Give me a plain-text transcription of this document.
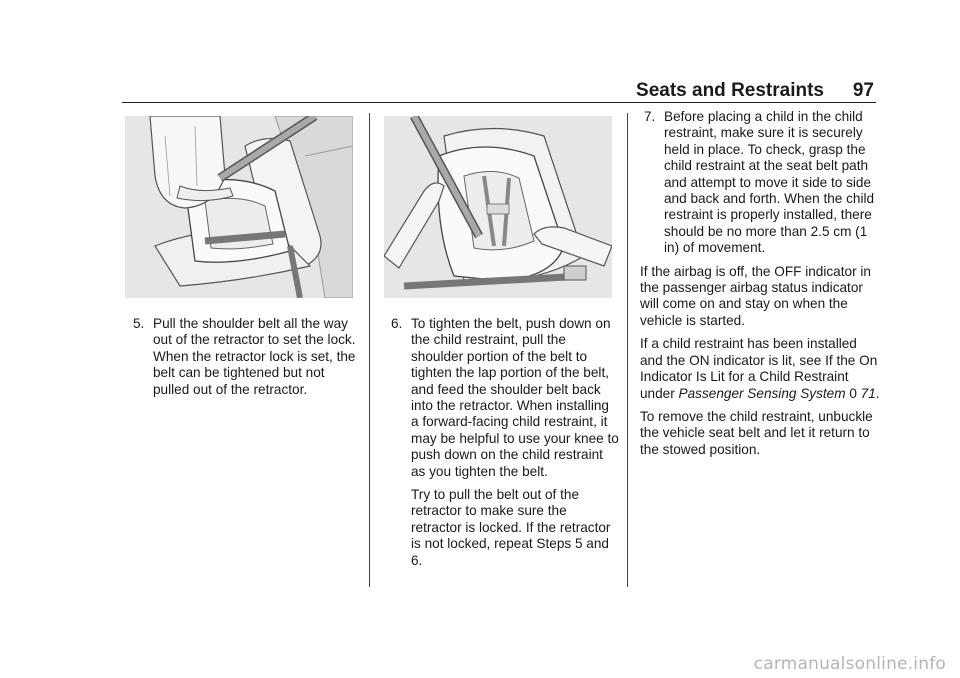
Seats and Restraints 97
5. Pull the shoulder belt all the way out of the retractor to set the lock. When the retractor lock is set, the belt can be tightened but not pulled out of the retractor.
6. To tighten the belt, push down on the child restraint, pull the shoulder portion of the belt to tighten the lap portion of the belt, and feed the shoulder belt back into the retractor. When installing a forward-facing child restraint, it may be helpful to use your knee to push down on the child restraint as you tighten the belt.

Try to pull the belt out of the retractor to make sure the retractor is locked. If the retractor is not locked, repeat Steps 5 and 6.

7. Before placing a child in the child restraint, make sure it is securely held in place. To check, grasp the child restraint at the seat belt path and attempt to move it side to side and back and forth. When the child restraint is properly installed, there should be no more than 2.5 cm (1 in) of movement.

If the airbag is off, the OFF indicator in the passenger airbag status indicator will come on and stay on when the vehicle is started.

If a child restraint has been installed and the ON indicator is lit, see If the On Indicator Is Lit for a Child Restraint under Passenger Sensing System 0 71.

To remove the child restraint, unbuckle the vehicle seat belt and let it return to the stowed position.

carmanualsonline.info
